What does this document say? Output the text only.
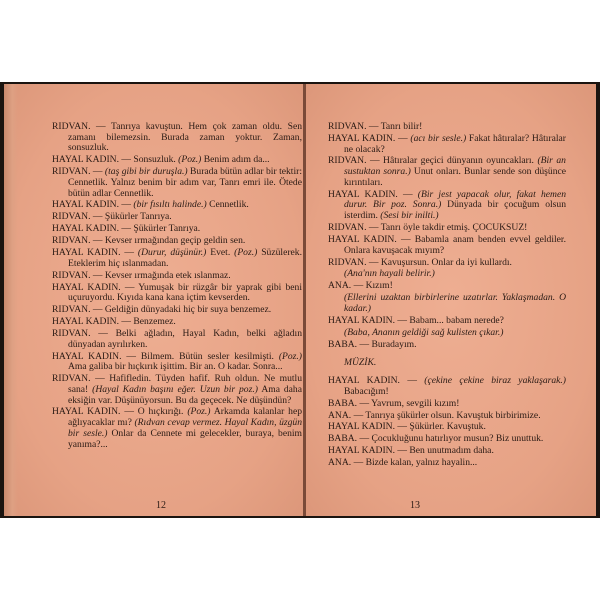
RIDVAN. — Tanrıya kavuştun. Hem çok zaman oldu. Sen zamanı bilemezsin. Burada zaman yoktur. Zaman, sonsuzluk.
HAYAL KADIN. — Sonsuzluk. (Poz.) Benim adım da...
RIDVAN. — (taş gibi bir duruşla.) Burada bütün adlar bir tektir: Cennetlik. Yalnız benim bir adım var, Tanrı emri ile. Ötede bütün adlar Cennetlik.
HAYAL KADIN. — (bir fısıltı halinde.) Cennetlik.
RIDVAN. — Şükürler Tanrıya.
HAYAL KADIN. — Şükürler Tanrıya.
RIDVAN. — Kevser ırmağından geçip geldin sen.
HAYAL KADIN. — (Durur, düşünür.) Evet. (Poz.) Süzülerek. Eteklerim hiç ıslanmadan.
RIDVAN. — Kevser ırmağında etek ıslanmaz.
HAYAL KADIN. — Yumuşak bir rüzgâr bir yaprak gibi beni uçuruyordu. Kıyıda kana kana içtim kevserden.
RIDVAN. — Geldiğin dünyadaki hiç bir suya benzemez.
HAYAL KADIN. — Benzemez.
RIDVAN. — Belki ağladın, Hayal Kadın, belki ağladın dünyadan ayrılırken.
HAYAL KADIN. — Bilmem. Bütün sesler kesilmişti. (Poz.) Ama galiba bir hıçkırık işittim. Bir an. O kadar. Sonra...
RIDVAN. — Hafifledin. Tüyden hafif. Ruh oldun. Ne mutlu sana! (Hayal Kadın başını eğer. Uzun bir poz.) Ama daha eksiğin var. Düşünüyorsun. Bu da geçecek. Ne düşündün?
HAYAL KADIN. — O hıçkırığı. (Poz.) Arkamda kalanlar hep ağlıyacaklar mı? (Rıdvan cevap vermez. Hayal Kadın, üzgün bir sesle.) Onlar da Cennete mi gelecekler, buraya, benim yanıma?...
12
RIDVAN. — Tanrı bilir!
HAYAL KADIN. — (acı bir sesle.) Fakat hâtıralar? Hâtıralar ne olacak?
RIDVAN. — Hâtıralar geçici dünyanın oyuncakları. (Bir an sustuktan sonra.) Unut onları. Bunlar sende son düşünce kırıntıları.
HAYAL KADIN. — (Bir jest yapacak olur, fakat hemen durur. Bir poz. Sonra.) Dünyada bir çocuğum olsun isterdim. (Sesi bir inilti.)
RIDVAN. — Tanrı öyle takdir etmiş. ÇOCUKSUZ!
HAYAL KADIN. — Babamla anam benden evvel geldiler. Onlara kavuşacak mıyım?
RIDVAN. — Kavuşursun. Onlar da iyi kullardı.
(Ana'nın hayali belirir.)
ANA. — Kızım!
(Ellerini uzaktan birbirlerine uzatırlar. Yaklaşmadan. O kadar.)
HAYAL KADIN. — Babam... babam nerede?
(Baba, Ananın geldiği sağ kulisten çıkar.)
BABA. — Buradayım.
MÜZİK.
HAYAL KADIN. — (çekine çekine biraz yaklaşarak.) Babacığım!
BABA. — Yavrum, sevgili kızım!
ANA. — Tanrıya şükürler olsun. Kavuştuk birbirimize.
HAYAL KADIN. — Şükürler. Kavuştuk.
BABA. — Çocukluğunu hatırlıyor musun? Biz unuttuk.
HAYAL KADIN. — Ben unutmadım daha.
ANA. — Bizde kalan, yalnız hayalin...
13
